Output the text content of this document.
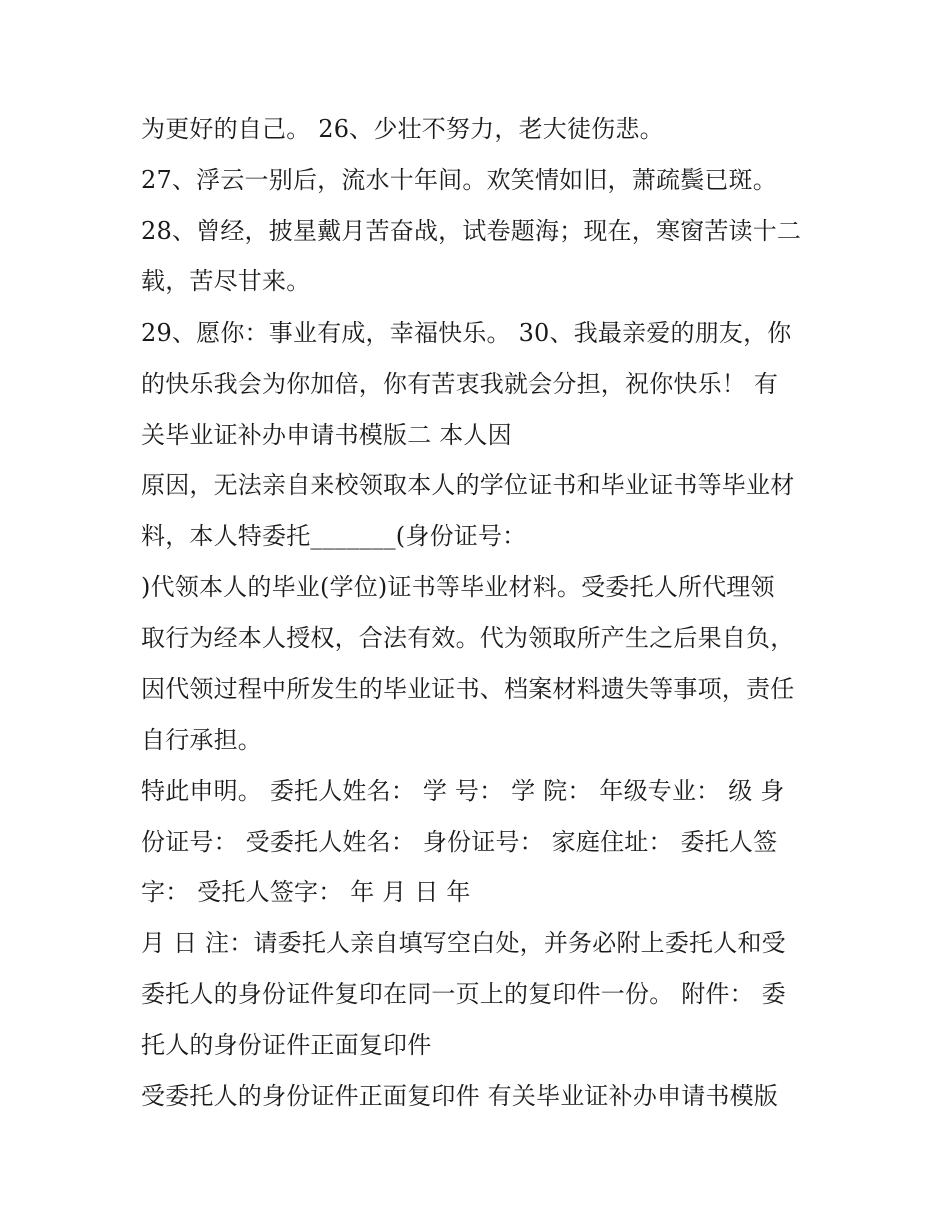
为更好的自己。 26、少壮不努力，老大徒伤悲。
27、浮云一别后，流水十年间。欢笑情如旧，萧疏鬓已斑。
28、曾经，披星戴月苦奋战，试卷题海；现在，寒窗苦读十二
载，苦尽甘来。
29、愿你：事业有成，幸福快乐。 30、我最亲爱的朋友，你
的快乐我会为你加倍，你有苦衷我就会分担，祝你快乐！ 有
关毕业证补办申请书模版二 本人因
原因，无法亲自来校领取本人的学位证书和毕业证书等毕业材
料，本人特委托_______(身份证号：
)代领本人的毕业(学位)证书等毕业材料。受委托人所代理领
取行为经本人授权，合法有效。代为领取所产生之后果自负，
因代领过程中所发生的毕业证书、档案材料遗失等事项，责任
自行承担。
特此申明。 委托人姓名： 学 号： 学 院： 年级专业： 级 身
份证号： 受委托人姓名： 身份证号： 家庭住址： 委托人签
字： 受托人签字： 年 月 日 年
月 日 注：请委托人亲自填写空白处，并务必附上委托人和受
委托人的身份证件复印在同一页上的复印件一份。 附件： 委
托人的身份证件正面复印件
受委托人的身份证件正面复印件 有关毕业证补办申请书模版
